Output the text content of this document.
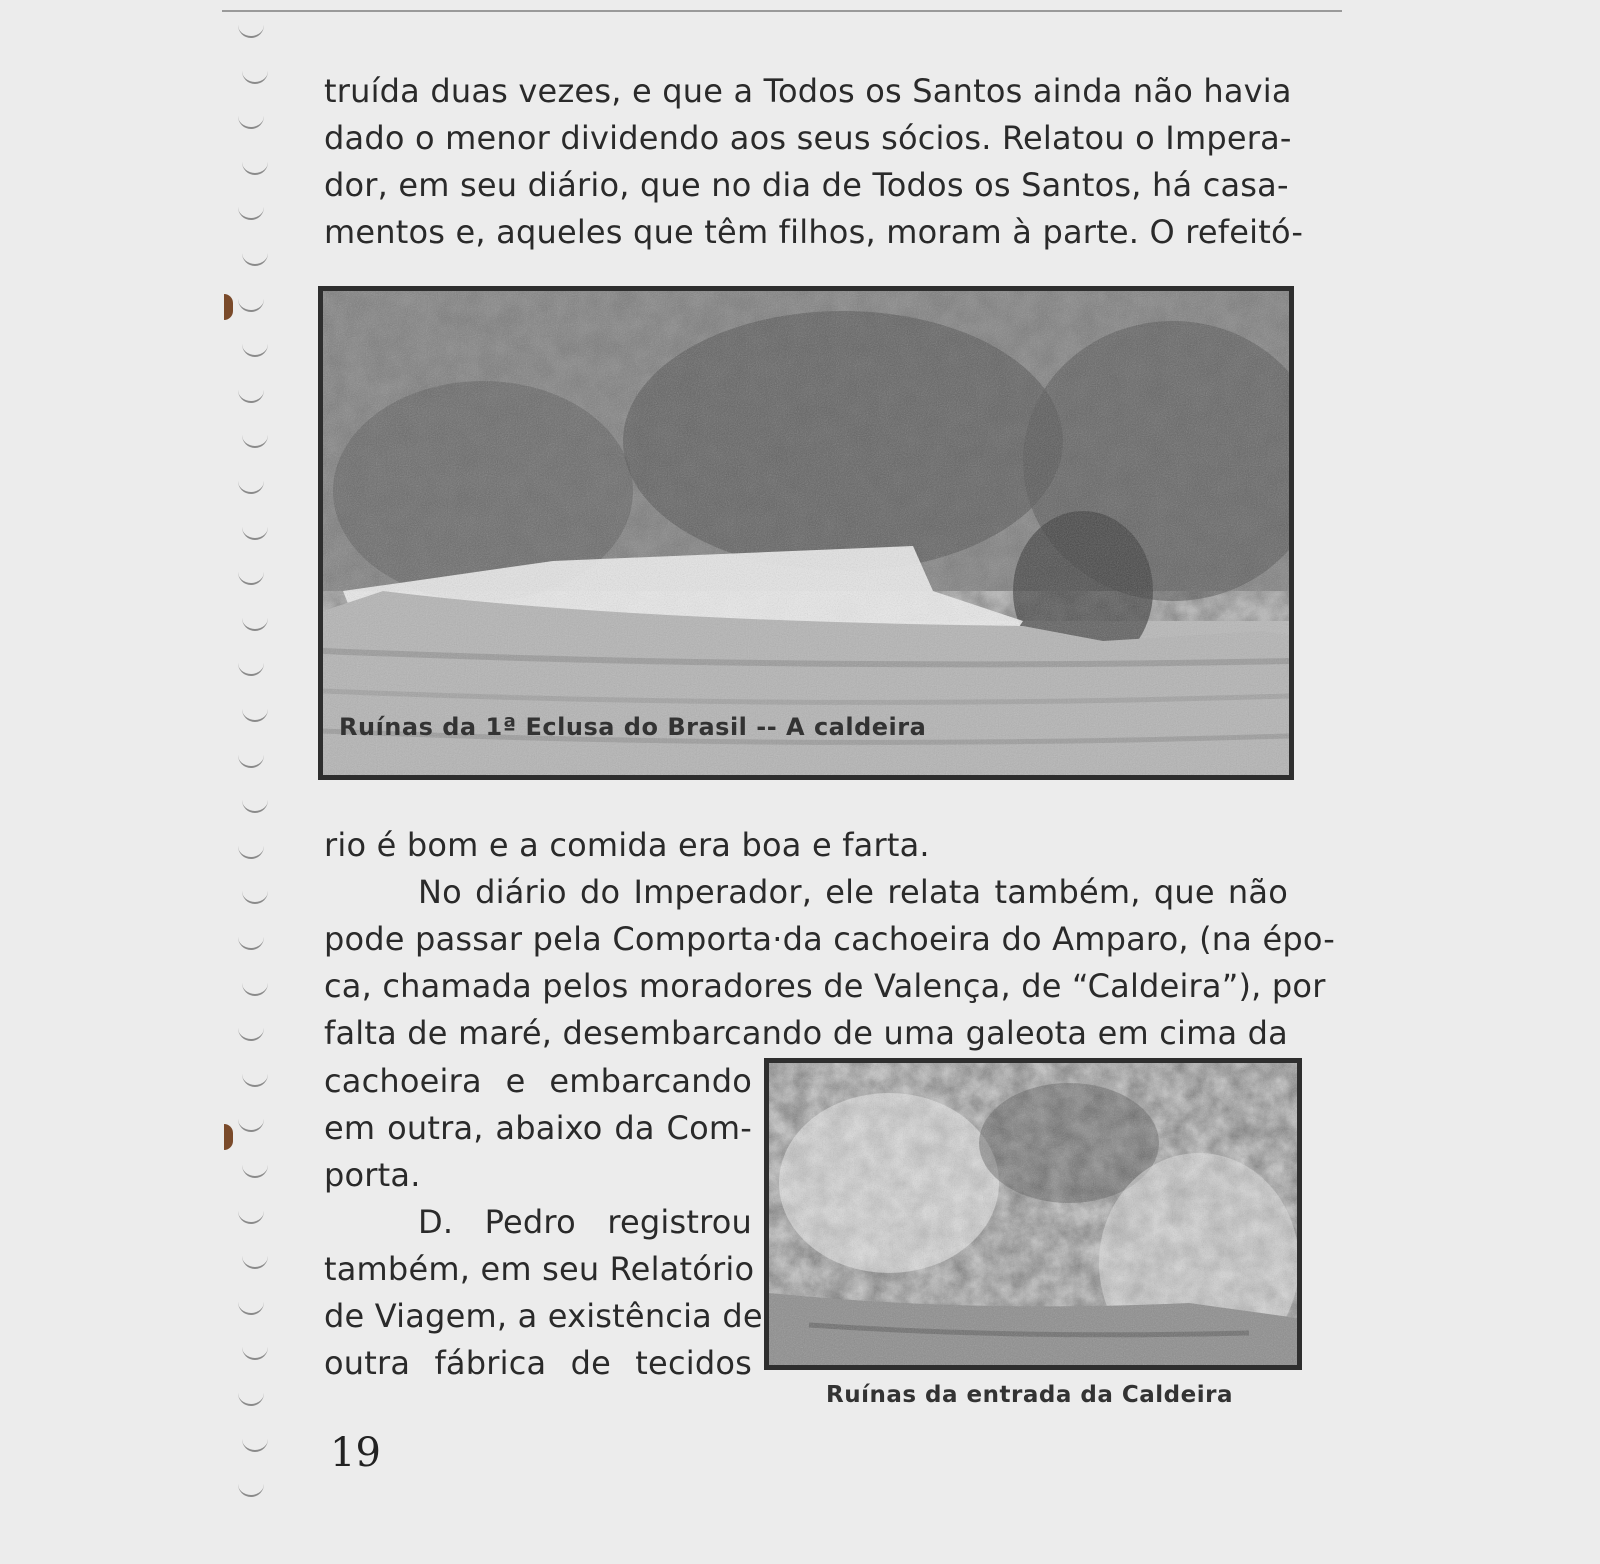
truída duas vezes, e que a Todos os Santos ainda não havia
dado o menor dividendo aos seus sócios. Relatou o Impera-
dor, em seu diário, que no dia de Todos os Santos, há casa-
mentos e, aqueles que têm filhos, moram à parte. O refeitó-
Ruínas da 1ª Eclusa do Brasil -- A caldeira
rio é bom e a comida era boa e farta.
No diário do Imperador, ele relata também, que não
pode passar pela Comporta·da cachoeira do Amparo, (na épo-
ca, chamada pelos moradores de Valença, de “Caldeira”), por
falta de maré, desembarcando de uma galeota em cima da
cachoeira e embarcando
em outra, abaixo da Com-
porta.
D. Pedro registrou
também, em seu Relatório
de Viagem, a existência de
outra fábrica de tecidos
Ruínas da entrada da Caldeira
19
